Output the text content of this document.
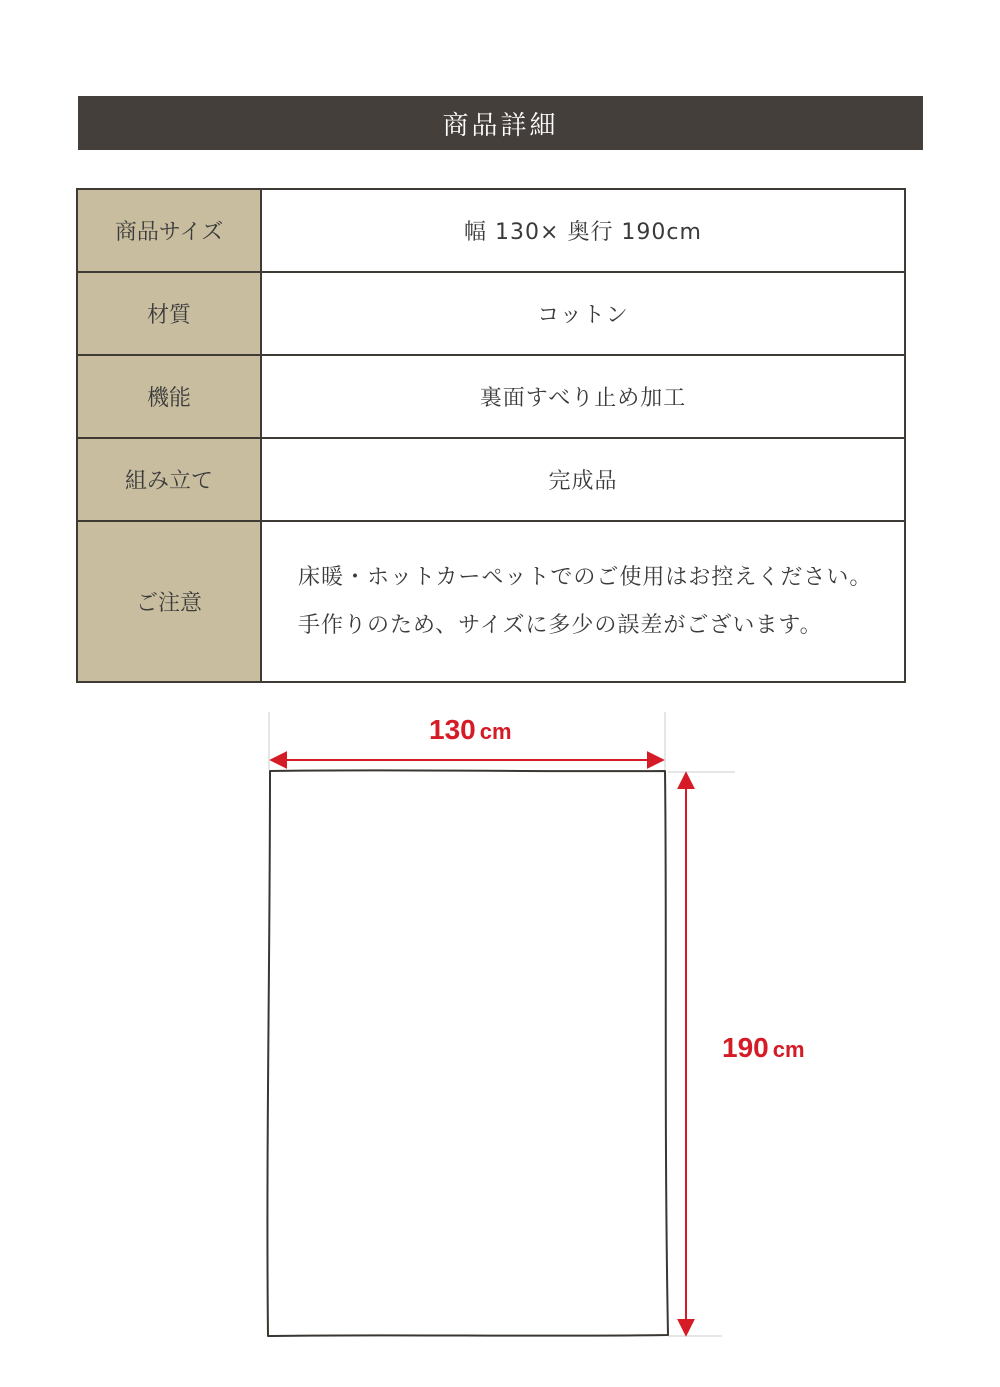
商品詳細
商品サイズ	幅 130× 奥行 190cm
材質	コットン
機能	裏面すべり止め加工
組み立て	完成品
ご注意	床暖・ホットカーペットでのご使用はお控えください。

手作りのため、サイズに多少の誤差がございます。

130 cm
190 cm
